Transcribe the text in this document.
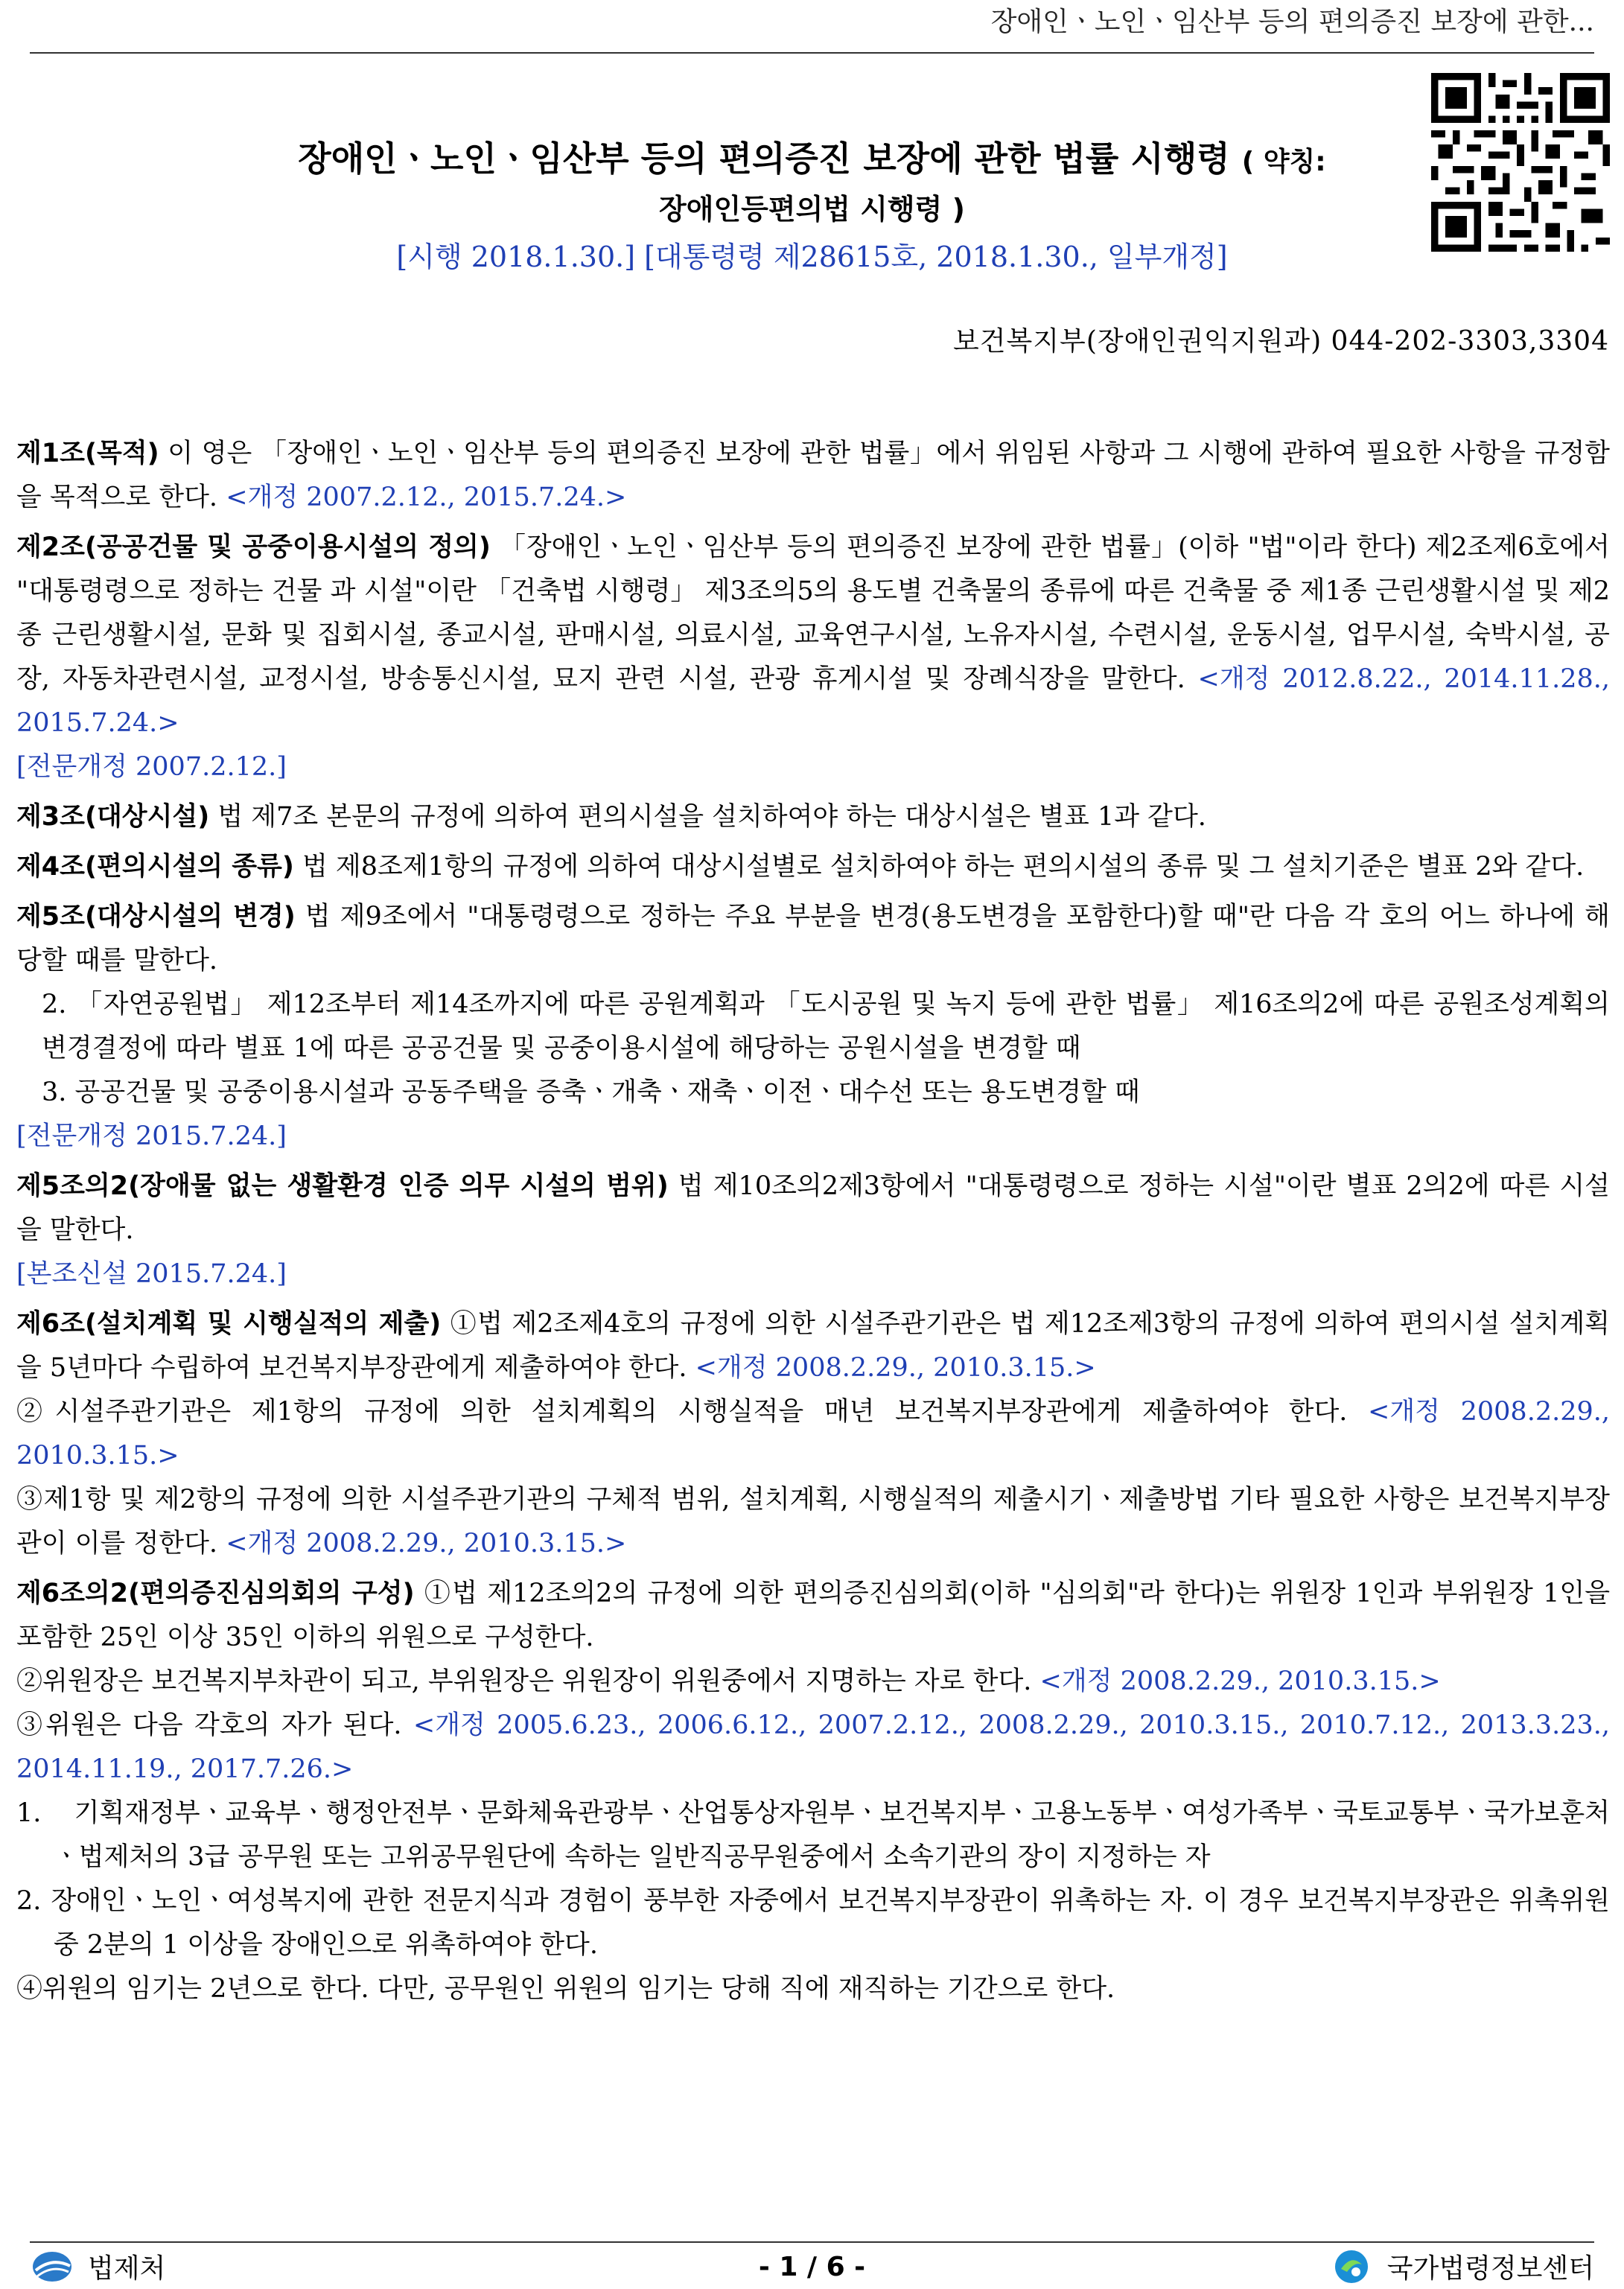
장애인ㆍ노인ㆍ임산부 등의 편의증진 보장에 관한...
장애인ㆍ노인ㆍ임산부 등의 편의증진 보장에 관한 법률 시행령 ( 약칭:
장애인등편의법 시행령 )
[시행 2018.1.30.] [대통령령 제28615호, 2018.1.30., 일부개정]
보건복지부(장애인권익지원과) 044-202-3303,3304

제1조(목적) 이 영은 「장애인ㆍ노인ㆍ임산부 등의 편의증진 보장에 관한 법률」에서 위임된 사항과 그 시행에 관하여 필요한 사항을 규정함을 목적으로 한다. <개정 2007.2.12., 2015.7.24.>

제2조(공공건물 및 공중이용시설의 정의) 「장애인ㆍ노인ㆍ임산부 등의 편의증진 보장에 관한 법률」(이하 "법"이라 한다) 제2조제6호에서 "대통령령으로 정하는 건물 과 시설"이란 「건축법 시행령」 제3조의5의 용도별 건축물의 종류에 따른 건축물 중 제1종 근린생활시설 및 제2종 근린생활시설, 문화 및 집회시설, 종교시설, 판매시설, 의료시설, 교육연구시설, 노유자시설, 수련시설, 운동시설, 업무시설, 숙박시설, 공장, 자동차관련시설, 교정시설, 방송통신시설, 묘지 관련 시설, 관광 휴게시설 및 장례식장을 말한다. <개정 2012.8.22., 2014.11.28., 2015.7.24.>

[전문개정 2007.2.12.]

제3조(대상시설) 법 제7조 본문의 규정에 의하여 편의시설을 설치하여야 하는 대상시설은 별표 1과 같다.

제4조(편의시설의 종류) 법 제8조제1항의 규정에 의하여 대상시설별로 설치하여야 하는 편의시설의 종류 및 그 설치기준은 별표 2와 같다.

제5조(대상시설의 변경) 법 제9조에서 "대통령령으로 정하는 주요 부분을 변경(용도변경을 포함한다)할 때"란 다음 각 호의 어느 하나에 해당할 때를 말한다.

2. 「자연공원법」 제12조부터 제14조까지에 따른 공원계획과 「도시공원 및 녹지 등에 관한 법률」 제16조의2에 따른 공원조성계획의 변경결정에 따라 별표 1에 따른 공공건물 및 공중이용시설에 해당하는 공원시설을 변경할 때

3. 공공건물 및 공중이용시설과 공동주택을 증축ㆍ개축ㆍ재축ㆍ이전ㆍ대수선 또는 용도변경할 때

[전문개정 2015.7.24.]

제5조의2(장애물 없는 생활환경 인증 의무 시설의 범위) 법 제10조의2제3항에서 "대통령령으로 정하는 시설"이란 별표 2의2에 따른 시설을 말한다.

[본조신설 2015.7.24.]

제6조(설치계획 및 시행실적의 제출) ①법 제2조제4호의 규정에 의한 시설주관기관은 법 제12조제3항의 규정에 의하여 편의시설 설치계획을 5년마다 수립하여 보건복지부장관에게 제출하여야 한다. <개정 2008.2.29., 2010.3.15.>

②시설주관기관은 제1항의 규정에 의한 설치계획의 시행실적을 매년 보건복지부장관에게 제출하여야 한다. <개정 2008.2.29., 2010.3.15.>

③제1항 및 제2항의 규정에 의한 시설주관기관의 구체적 범위, 설치계획, 시행실적의 제출시기ㆍ제출방법 기타 필요한 사항은 보건복지부장관이 이를 정한다. <개정 2008.2.29., 2010.3.15.>

제6조의2(편의증진심의회의 구성) ①법 제12조의2의 규정에 의한 편의증진심의회(이하 "심의회"라 한다)는 위원장 1인과 부위원장 1인을 포함한 25인 이상 35인 이하의 위원으로 구성한다.

②위원장은 보건복지부차관이 되고, 부위원장은 위원장이 위원중에서 지명하는 자로 한다. <개정 2008.2.29., 2010.3.15.>

③위원은 다음 각호의 자가 된다. <개정 2005.6.23., 2006.6.12., 2007.2.12., 2008.2.29., 2010.3.15., 2010.7.12., 2013.3.23., 2014.11.19., 2017.7.26.>

1. 기획재정부ㆍ교육부ㆍ행정안전부ㆍ문화체육관광부ㆍ산업통상자원부ㆍ보건복지부ㆍ고용노동부ㆍ여성가족부ㆍ국토교통부ㆍ국가보훈처ㆍ법제처의 3급 공무원 또는 고위공무원단에 속하는 일반직공무원중에서 소속기관의 장이 지정하는 자

2. 장애인ㆍ노인ㆍ여성복지에 관한 전문지식과 경험이 풍부한 자중에서 보건복지부장관이 위촉하는 자. 이 경우 보건복지부장관은 위촉위원중 2분의 1 이상을 장애인으로 위촉하여야 한다.

④위원의 임기는 2년으로 한다. 다만, 공무원인 위원의 임기는 당해 직에 재직하는 기간으로 한다.

법제처	- 1 / 6 -	국가법령정보센터
